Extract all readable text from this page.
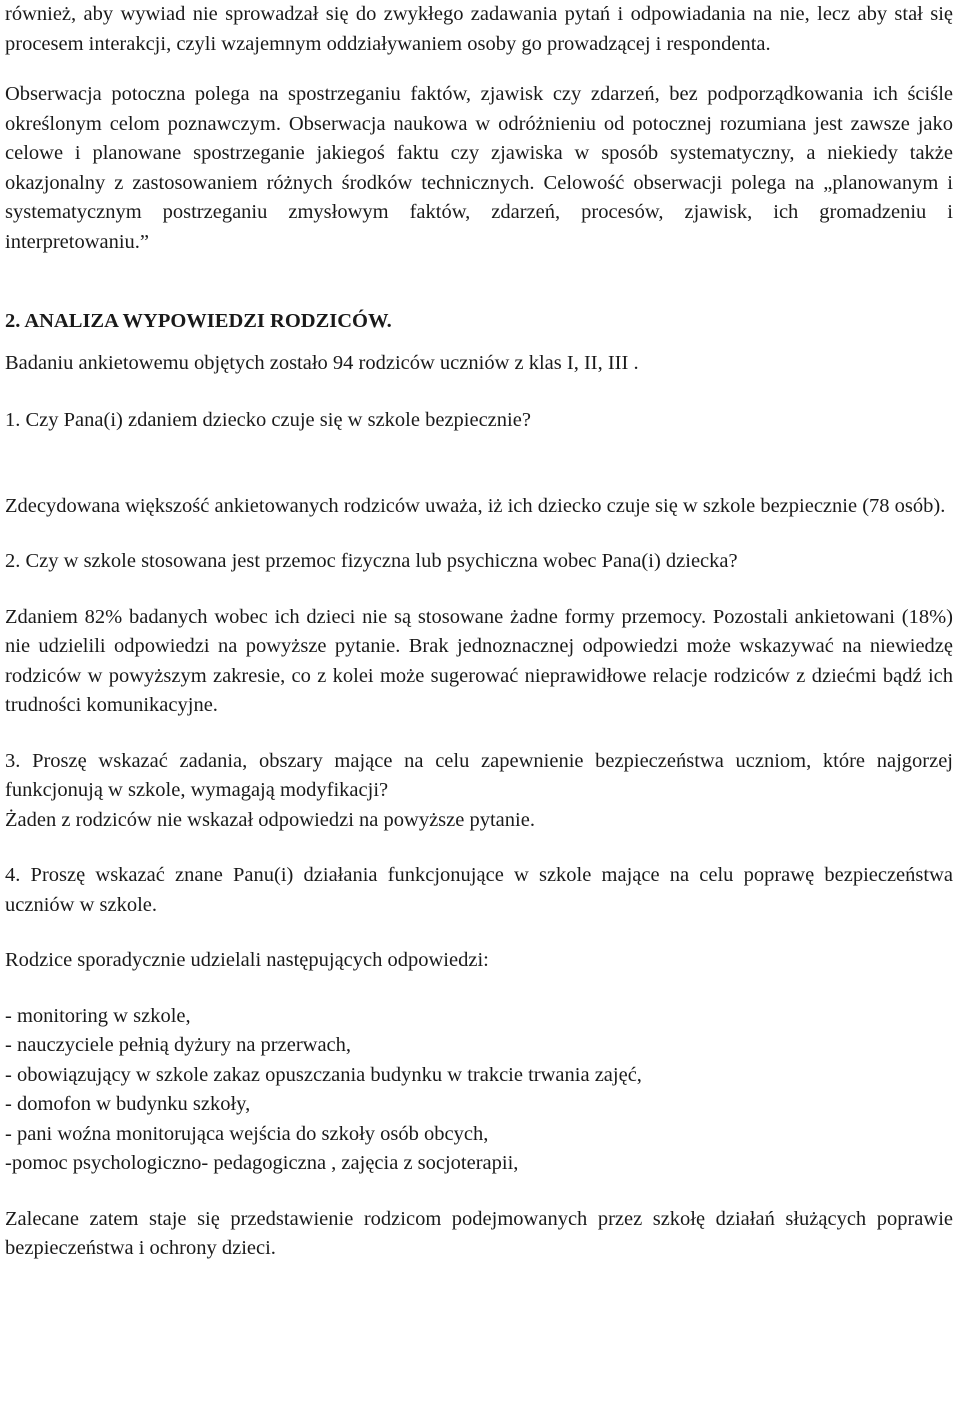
również, aby wywiad nie sprowadzał się do zwykłego zadawania pytań i odpowiadania na nie, lecz aby stał się procesem interakcji, czyli wzajemnym oddziaływaniem osoby go prowadzącej i respondenta.

Obserwacja potoczna polega na spostrzeganiu faktów, zjawisk czy zdarzeń, bez podporządkowania ich ściśle określonym celom poznawczym. Obserwacja naukowa w odróżnieniu od potocznej rozumiana jest zawsze jako celowe i planowane spostrzeganie jakiegoś faktu czy zjawiska w sposób systematyczny, a niekiedy także okazjonalny z zastosowaniem różnych środków technicznych. Celowość obserwacji polega na „planowanym i systematycznym postrzeganiu zmysłowym faktów, zdarzeń, procesów, zjawisk, ich gromadzeniu i interpretowaniu.”

2. ANALIZA WYPOWIEDZI RODZICÓW.

Badaniu ankietowemu objętych zostało 94 rodziców uczniów z klas I, II, III .

1. Czy Pana(i) zdaniem dziecko czuje się w szkole bezpiecznie?

Zdecydowana większość ankietowanych rodziców uważa, iż ich dziecko czuje się w szkole bezpiecznie (78 osób).

2. Czy w szkole stosowana jest przemoc fizyczna lub psychiczna wobec Pana(i) dziecka?

Zdaniem 82% badanych wobec ich dzieci nie są stosowane żadne formy przemocy. Pozostali ankietowani (18%) nie udzielili odpowiedzi na powyższe pytanie. Brak jednoznacznej odpowiedzi może wskazywać na niewiedzę rodziców w powyższym zakresie, co z kolei może sugerować nieprawidłowe relacje rodziców z dziećmi bądź ich trudności komunikacyjne.

3. Proszę wskazać zadania, obszary mające na celu zapewnienie bezpieczeństwa uczniom, które najgorzej funkcjonują w szkole, wymagają modyfikacji?

Żaden z rodziców nie wskazał odpowiedzi na powyższe pytanie.

4. Proszę wskazać znane Panu(i) działania funkcjonujące w szkole mające na celu poprawę bezpieczeństwa uczniów w szkole.

Rodzice sporadycznie udzielali następujących odpowiedzi:

- monitoring w szkole,
- nauczyciele pełnią dyżury na przerwach,
- obowiązujący w szkole zakaz opuszczania budynku w trakcie trwania zajęć,
- domofon w budynku szkoły,
- pani woźna monitorująca wejścia do szkoły osób obcych,
-pomoc psychologiczno- pedagogiczna , zajęcia z socjoterapii,

Zalecane zatem staje się przedstawienie rodzicom podejmowanych przez szkołę działań służących poprawie bezpieczeństwa i ochrony dzieci.
